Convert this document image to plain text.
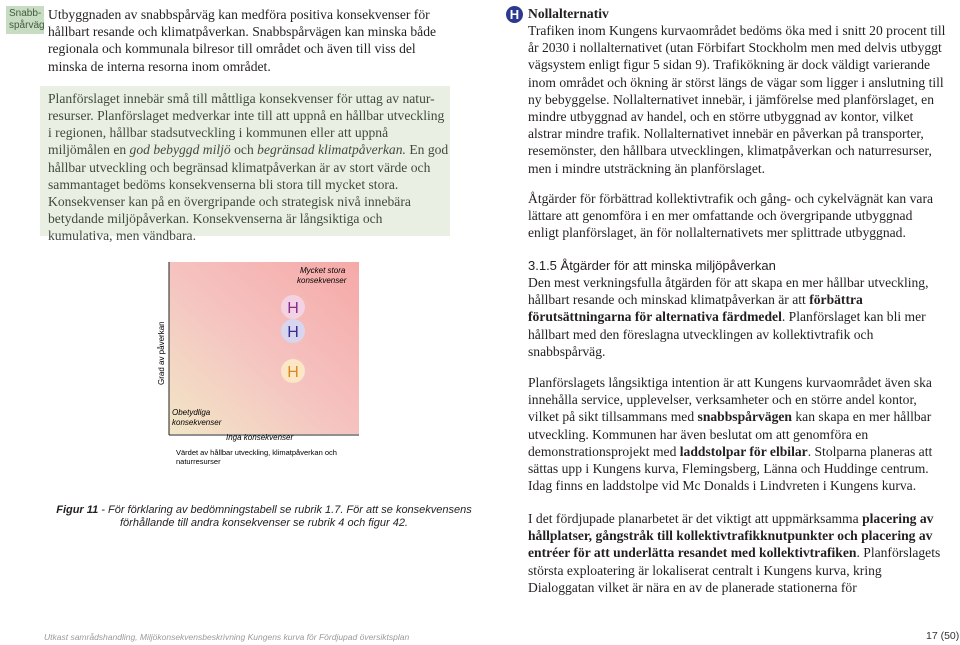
Snabb-spårväg
Utbyggnaden av snabbspårväg kan medföra positiva konsekvenser för hållbart resande och klimatpåverkan. Snabbspårvägen kan minska både regionala och kommunala bilresor till området och även till viss del minska de interna resorna inom området.
Planförslaget innebär små till måttliga konsekvenser för uttag av natur-
resurser. Planförslaget medverkar inte till att uppnå en hållbar utveckling i regionen, hållbar stadsutveckling i kommunen eller att uppnå miljömålen en god bebyggd miljö och begränsad klimatpåverkan. En god hållbar utveckling och begränsad klimatpåverkan är av stort värde och sammantaget bedöms konsekvenserna bli stora till mycket stora. Konsekvenser kan på en övergripande och strategisk nivå innebära betydande miljöpåverkan. Konsekvenserna är långsiktiga och kumulativa, men vändbara.
Grad av påverkan
Mycket stora konsekvenser
Obetydliga konsekvenser
Inga konsekvenser
Värdet av hållbar utveckling, klimatpåverkan och naturresurser
H
H
H
Figur 11 - För förklaring av bedömningstabell se rubrik 1.7. För att se konsekvensens förhållande till andra konsekvenser se rubrik 4 och figur 42.
H Nollalternativ
Trafiken inom Kungens kurvaområdet bedöms öka med i snitt 20 procent till år 2030 i nollalternativet (utan Förbifart Stockholm men med delvis utbyggt vägsystem enligt figur 5 sidan 9). Trafikökning är dock väldigt varierande inom området och ökning är störst längs de vägar som ligger i anslutning till ny bebyggelse. Nollalternativet innebär, i jämförelse med planförslaget, en mindre utbyggnad av handel, och en större utbyggnad av kontor, vilket alstrar mindre trafik. Nollalternativet innebär en påverkan på transporter, resemönster, den hållbara utvecklingen, klimatpåverkan och naturresurser, men i mindre utsträckning än planförslaget.
Åtgärder för förbättrad kollektivtrafik och gång- och cykelvägnät kan vara lättare att genomföra i en mer omfattande och övergripande utbyggnad enligt planförslaget, än för nollalternativets mer splittrade utbyggnad.
3.1.5 Åtgärder för att minska miljöpåverkan
Den mest verkningsfulla åtgärden för att skapa en mer hållbar utveckling, hållbart resande och minskad klimatpåverkan är att förbättra förutsättningarna för alternativa färdmedel. Planförslaget kan bli mer hållbart med den föreslagna utvecklingen av kollektivtrafik och snabbspårväg.
Planförslagets långsiktiga intention är att Kungens kurvaområdet även ska innehålla service, upplevelser, verksamheter och en större andel kontor, vilket på sikt tillsammans med snabbspårvägen kan skapa en mer hållbar utveckling. Kommunen har även beslutat om att genomföra en demonstrationsprojekt med laddstolpar för elbilar. Stolparna planeras att sättas upp i Kungens kurva, Flemingsberg, Länna och Huddinge centrum. Idag finns en laddstolpe vid Mc Donalds i Lindvreten i Kungens kurva.
I det fördjupade planarbetet är det viktigt att uppmärksamma placering av hållplatser, gångstråk till kollektivtrafikknutpunkter och placering av entréer för att underlätta resandet med kollektivtrafiken. Planförslagets största exploatering är lokaliserat centralt i Kungens kurva, kring Dialoggatan vilket är nära en av de planerade stationerna för
Utkast samrådshandling, Miljökonsekvensbeskrivning Kungens kurva för Fördjupad översiktsplan	17 (50)
